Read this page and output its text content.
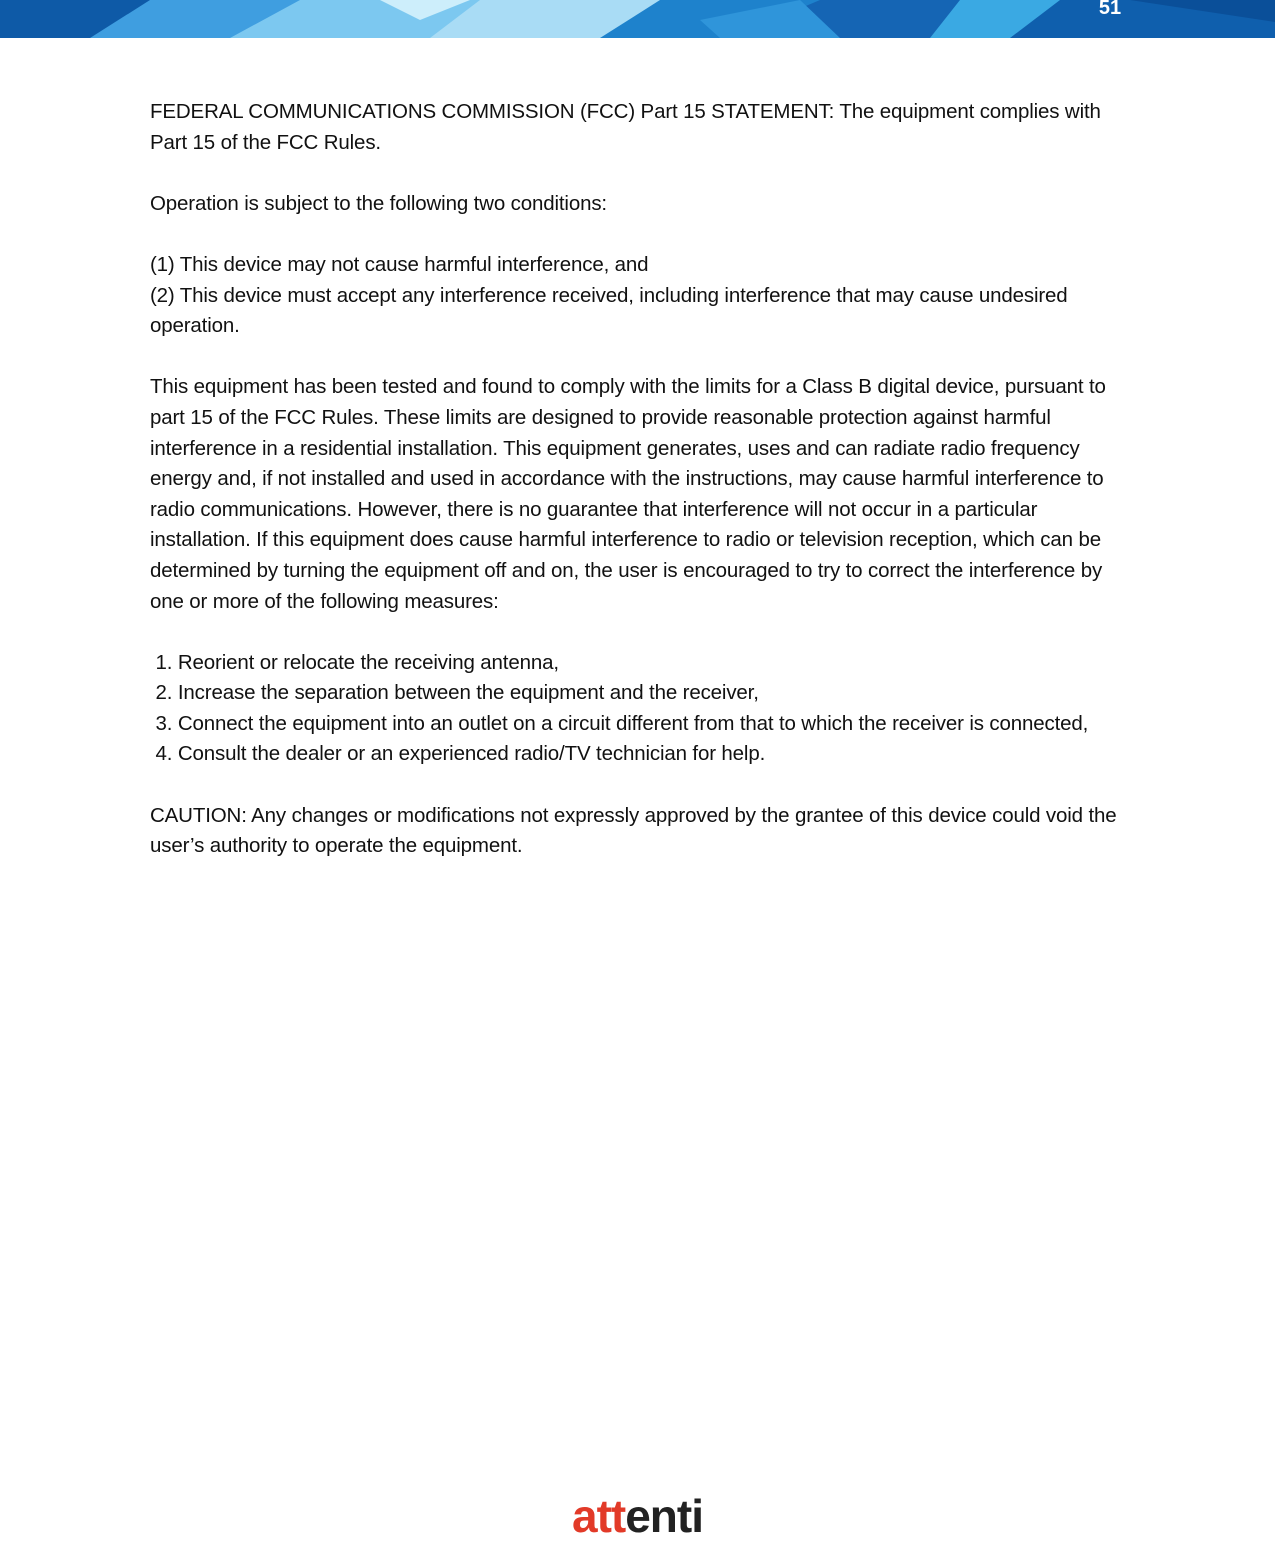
51

FEDERAL COMMUNICATIONS COMMISSION (FCC) Part 15 STATEMENT: The equipment complies with Part 15 of the FCC Rules.

Operation is subject to the following two conditions:

(1) This device may not cause harmful interference, and

(2) This device must accept any interference received, including interference that may cause undesired operation.

This equipment has been tested and found to comply with the limits for a Class B digital device, pursuant to part 15 of the FCC Rules. These limits are designed to provide reasonable protection against harmful interference in a residential installation. This equipment generates, uses and can radiate radio frequency energy and, if not installed and used in accordance with the instructions, may cause harmful interference to radio communications. However, there is no guarantee that interference will not occur in a particular installation. If this equipment does cause harmful interference to radio or television reception, which can be determined by turning the equipment off and on, the user is encouraged to try to correct the interference by one or more of the following measures:

1. Reorient or relocate the receiving antenna,

2. Increase the separation between the equipment and the receiver,

3. Connect the equipment into an outlet on a circuit different from that to which the receiver is connected,

4. Consult the dealer or an experienced radio/TV technician for help.

CAUTION: Any changes or modifications not expressly approved by the grantee of this device could void the user’s authority to operate the equipment.

attenti
